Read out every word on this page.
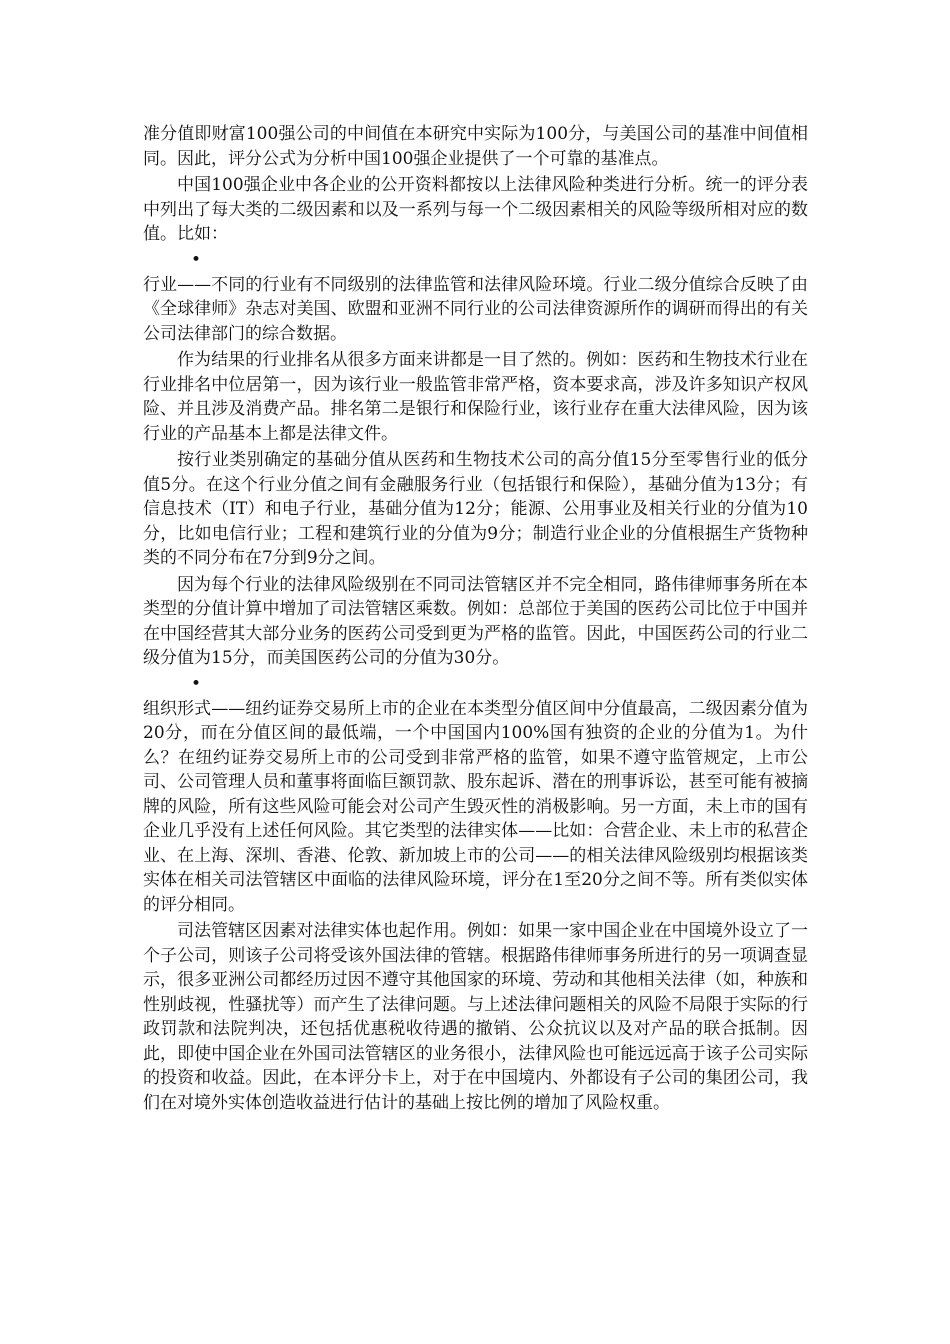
准分值即财富100强公司的中间值在本研究中实际为100分，与美国公司的基准中间值相同。因此，评分公式为分析中国100强企业提供了一个可靠的基准点。

中国100强企业中各企业的公开资料都按以上法律风险种类进行分析。统一的评分表中列出了每大类的二级因素和以及一系列与每一个二级因素相关的风险等级所相对应的数值。比如：

•

行业——不同的行业有不同级别的法律监管和法律风险环境。行业二级分值综合反映了由《全球律师》杂志对美国、欧盟和亚洲不同行业的公司法律资源所作的调研而得出的有关公司法律部门的综合数据。

作为结果的行业排名从很多方面来讲都是一目了然的。例如：医药和生物技术行业在行业排名中位居第一，因为该行业一般监管非常严格，资本要求高，涉及许多知识产权风险、并且涉及消费产品。排名第二是银行和保险行业，该行业存在重大法律风险，因为该行业的产品基本上都是法律文件。

按行业类别确定的基础分值从医药和生物技术公司的高分值15分至零售行业的低分值5分。在这个行业分值之间有金融服务行业（包括银行和保险），基础分值为13分；有信息技术（IT）和电子行业，基础分值为12分；能源、公用事业及相关行业的分值为10分，比如电信行业；工程和建筑行业的分值为9分；制造行业企业的分值根据生产货物种类的不同分布在7分到9分之间。

因为每个行业的法律风险级别在不同司法管辖区并不完全相同，路伟律师事务所在本类型的分值计算中增加了司法管辖区乘数。例如：总部位于美国的医药公司比位于中国并在中国经营其大部分业务的医药公司受到更为严格的监管。因此，中国医药公司的行业二级分值为15分，而美国医药公司的分值为30分。

•

组织形式——纽约证券交易所上市的企业在本类型分值区间中分值最高，二级因素分值为20分，而在分值区间的最低端，一个中国国内100%国有独资的企业的分值为1。为什么？在纽约证券交易所上市的公司受到非常严格的监管，如果不遵守监管规定，上市公司、公司管理人员和董事将面临巨额罚款、股东起诉、潜在的刑事诉讼，甚至可能有被摘牌的风险，所有这些风险可能会对公司产生毁灭性的消极影响。另一方面，未上市的国有企业几乎没有上述任何风险。其它类型的法律实体——比如：合营企业、未上市的私营企业、在上海、深圳、香港、伦敦、新加坡上市的公司——的相关法律风险级别均根据该类实体在相关司法管辖区中面临的法律风险环境，评分在1至20分之间不等。所有类似实体的评分相同。

司法管辖区因素对法律实体也起作用。例如：如果一家中国企业在中国境外设立了一个子公司，则该子公司将受该外国法律的管辖。根据路伟律师事务所进行的另一项调查显示，很多亚洲公司都经历过因不遵守其他国家的环境、劳动和其他相关法律（如，种族和性别歧视，性骚扰等）而产生了法律问题。与上述法律问题相关的风险不局限于实际的行政罚款和法院判决，还包括优惠税收待遇的撤销、公众抗议以及对产品的联合抵制。因此，即使中国企业在外国司法管辖区的业务很小，法律风险也可能远远高于该子公司实际的投资和收益。因此，在本评分卡上，对于在中国境内、外都设有子公司的集团公司，我们在对境外实体创造收益进行估计的基础上按比例的增加了风险权重。
